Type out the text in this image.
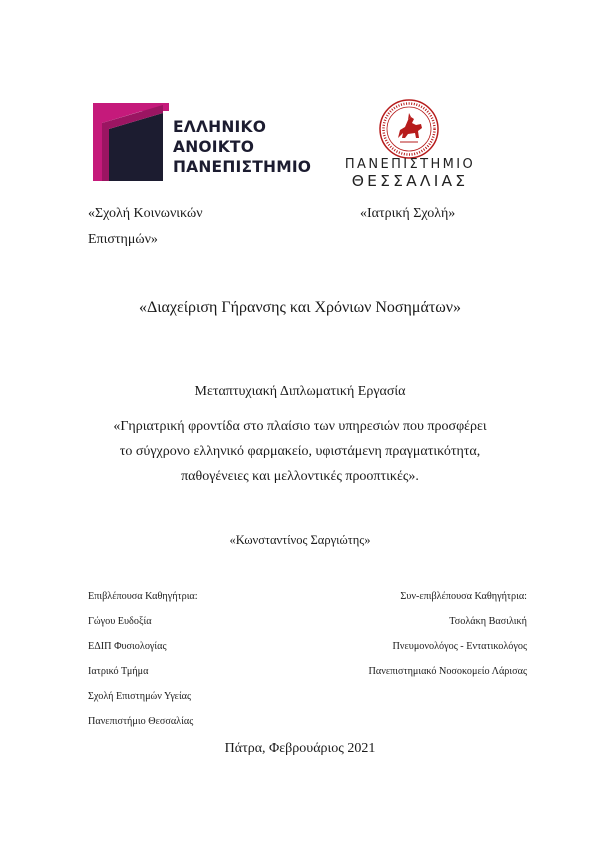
ΕΛΛΗΝΙΚΟ
ΑΝΟΙΚΤΟ
ΠΑΝΕΠΙΣΤΗΜΙΟ	ΠΑΝΕΠΙΣΤΗΜΙΟ
ΘΕΣΣΑΛΙΑΣ
«Σχολή Κοινωνικών
Επιστημών»
«Ιατρική Σχολή»
«Διαχείριση Γήρανσης και Χρόνιων Νοσημάτων»
Μεταπτυχιακή Διπλωματική Εργασία
«Γηριατρική φροντίδα στο πλαίσιο των υπηρεσιών που προσφέρει
το σύγχρονο ελληνικό φαρμακείο, υφιστάμενη πραγματικότητα,
παθογένειες και μελλοντικές προοπτικές».
«Κωνσταντίνος Σαργιώτης»
Επιβλέπουσα Καθηγήτρια:
Γώγου Ευδοξία
ΕΔΙΠ Φυσιολογίας
Ιατρικό Τμήμα
Σχολή Επιστημών Υγείας
Πανεπιστήμιο Θεσσαλίας
Συν-επιβλέπουσα Καθηγήτρια:
Τσολάκη Βασιλική
Πνευμονολόγος - Εντατικολόγος
Πανεπιστημιακό Νοσοκομείο Λάρισας
Πάτρα, Φεβρουάριος 2021
